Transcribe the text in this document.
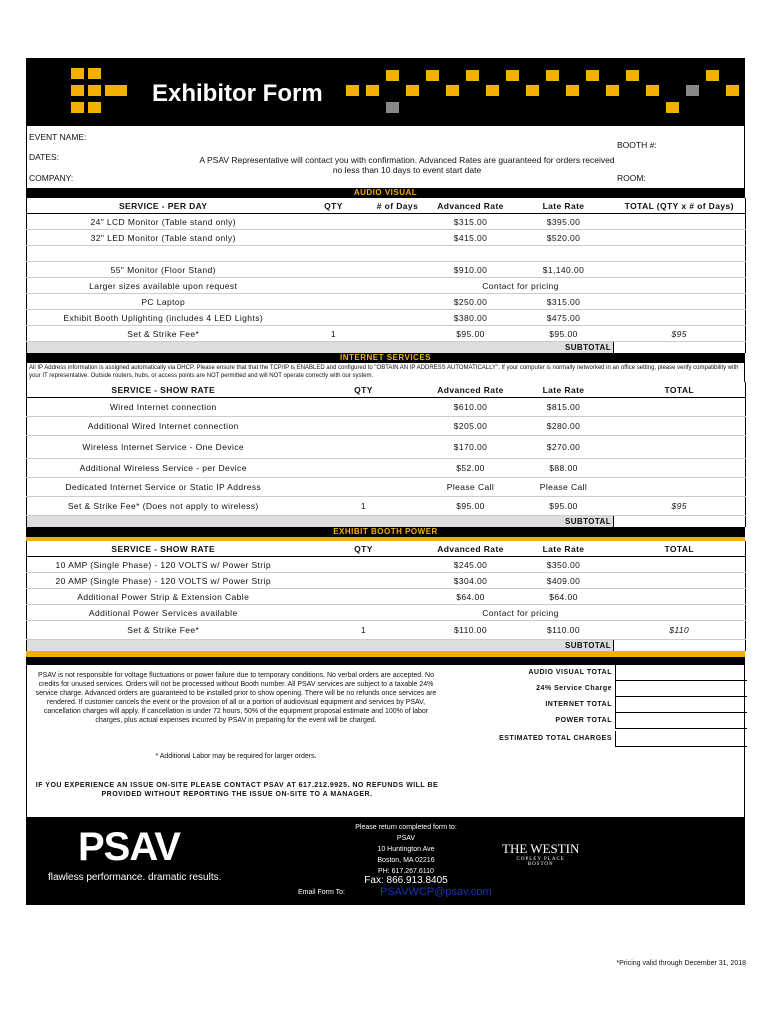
Exhibitor Form
EVENT NAME:
DATES:
COMPANY:
BOOTH #:
ROOM:
A PSAV Representative will contact you with confirmation. Advanced Rates are guaranteed for orders received no less than 10 days to event start date
AUDIO VISUAL
SERVICE - PER DAY	QTY	# of Days	Advanced Rate	Late Rate	TOTAL (QTY x # of Days)
24" LCD Monitor (Table stand only)			$315.00	$395.00	
32" LED Monitor (Table stand only)			$415.00	$520.00	

55" Monitor (Floor Stand)			$910.00	$1,140.00	
Larger sizes available upon request			Contact for pricing		
PC Laptop			$250.00	$315.00	
Exhibit Booth Uplighting (includes 4 LED Lights)			$380.00	$475.00	
Set & Strike Fee*	1		$95.00	$95.00	$95
				SUBTOTAL	
INTERNET SERVICES
All IP Address information is assigned automatically via DHCP. Please ensure that that the TCP/IP is ENABLED and configured to "OBTAIN AN IP ADDRESS AUTOMATICALLY". If your computer is normally networked in an office setting, please verify compatibility with your IT representative. Outside routers, hubs, or access points are NOT permitted and will NOT operate correctly with our system.
SERVICE - SHOW RATE	QTY	Advanced Rate	Late Rate	TOTAL
Wired Internet connection		$610.00	$815.00	
Additional Wired Internet connection		$205.00	$280.00	
Wireless Internet Service - One Device		$170.00	$270.00	
Additional Wireless Service - per Device		$52.00	$88.00	
Dedicated Internet Service or Static IP Address		Please Call	Please Call	
Set & Strike Fee* (Does not apply to wireless)	1	$95.00	$95.00	$95
			SUBTOTAL	
EXHIBIT BOOTH POWER
SERVICE - SHOW RATE	QTY	Advanced Rate	Late Rate	TOTAL
10 AMP (Single Phase) - 120 VOLTS w/ Power Strip		$245.00	$350.00	
20 AMP (Single Phase) - 120 VOLTS w/ Power Strip		$304.00	$409.00	
Additional Power Strip & Extension Cable		$64.00	$64.00	
Additional Power Services available		Contact for pricing		
Set & Strike Fee*	1	$110.00	$110.00	$110
			SUBTOTAL	
PSAV is not responsible for voltage fluctuations or power failure due to temporary conditions. No verbal orders are accepted. No credits for unused services. Orders will not be processed without Booth number. All PSAV services are subject to a taxable 24% service charge. Advanced orders are guaranteed to be installed prior to show opening. There will be no refunds once services are rendered. If customer cancels the event or the provision of all or a portion of audiovisual equipment and services by PSAV, cancellation charges will apply. If cancellation is under 72 hours, 50% of the equipment proposal estimate and 100% of labor charges, plus actual expenses incurred by PSAV in preparing for the event will be charged.
* Additional Labor may be required for larger orders.
AUDIO VISUAL TOTAL
24% Service Charge
INTERNET TOTAL
POWER TOTAL
ESTIMATED TOTAL CHARGES
IF YOU EXPERIENCE AN ISSUE ON-SITE PLEASE CONTACT PSAV AT 617.212.9925. NO REFUNDS WILL BE PROVIDED WITHOUT REPORTING THE ISSUE ON-SITE TO A MANAGER.
PSAV
flawless performance. dramatic results.
Please return completed form to:
PSAV
10 Huntington Ave
Boston, MA 02216
PH: 617.267.6110
Fax: 866.913.8405
Email Form To:	PSAVWCP@psav.com
THE WESTIN
COPLEY PLACE
BOSTON
*Pricing valid through December 31, 2018
